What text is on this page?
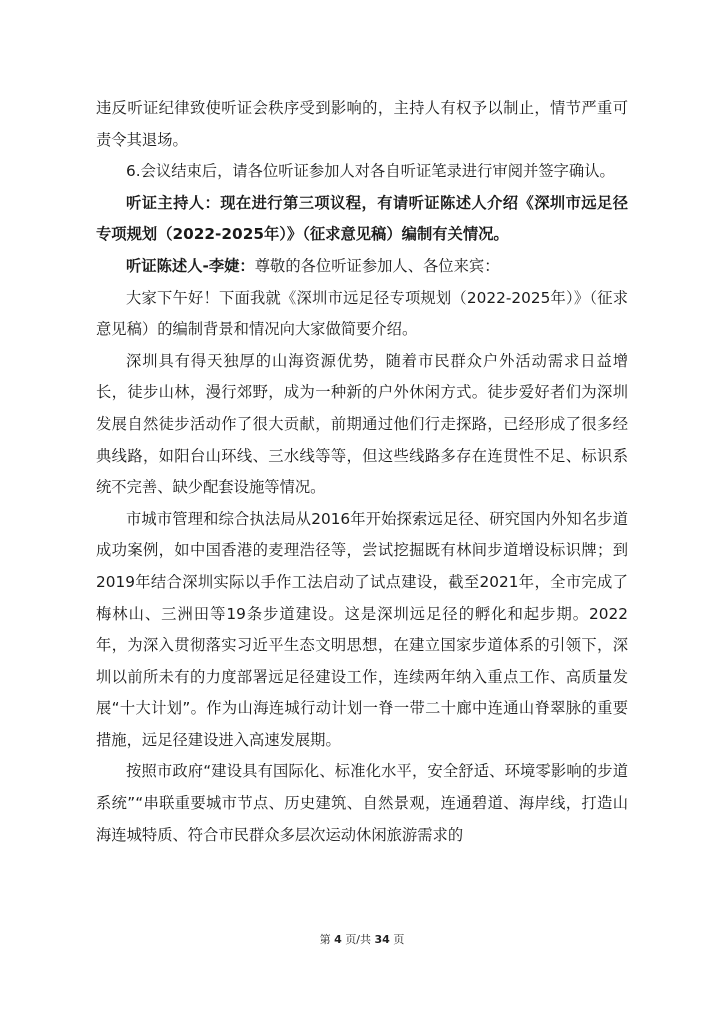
违反听证纪律致使听证会秩序受到影响的，主持人有权予以制止，情节严重可责令其退场。

6.会议结束后，请各位听证参加人对各自听证笔录进行审阅并签字确认。

听证主持人：现在进行第三项议程，有请听证陈述人介绍《深圳市远足径专项规划（2022-2025年）》（征求意见稿）编制有关情况。

听证陈述人-李婕：尊敬的各位听证参加人、各位来宾：

大家下午好！下面我就《深圳市远足径专项规划（2022-2025年）》（征求意见稿）的编制背景和情况向大家做简要介绍。

深圳具有得天独厚的山海资源优势，随着市民群众户外活动需求日益增长，徒步山林，漫行郊野，成为一种新的户外休闲方式。徒步爱好者们为深圳发展自然徒步活动作了很大贡献，前期通过他们行走探路，已经形成了很多经典线路，如阳台山环线、三水线等等，但这些线路多存在连贯性不足、标识系统不完善、缺少配套设施等情况。

市城市管理和综合执法局从2016年开始探索远足径、研究国内外知名步道成功案例，如中国香港的麦理浩径等，尝试挖掘既有林间步道增设标识牌；到2019年结合深圳实际以手作工法启动了试点建设，截至2021年，全市完成了梅林山、三洲田等19条步道建设。这是深圳远足径的孵化和起步期。2022年，为深入贯彻落实习近平生态文明思想，在建立国家步道体系的引领下，深圳以前所未有的力度部署远足径建设工作，连续两年纳入重点工作、高质量发展“十大计划”。作为山海连城行动计划一脊一带二十廊中连通山脊翠脉的重要措施，远足径建设进入高速发展期。

按照市政府“建设具有国际化、标准化水平，安全舒适、环境零影响的步道系统”“串联重要城市节点、历史建筑、自然景观，连通碧道、海岸线，打造山海连城特质、符合市民群众多层次运动休闲旅游需求的

第 4 页/共 34 页
